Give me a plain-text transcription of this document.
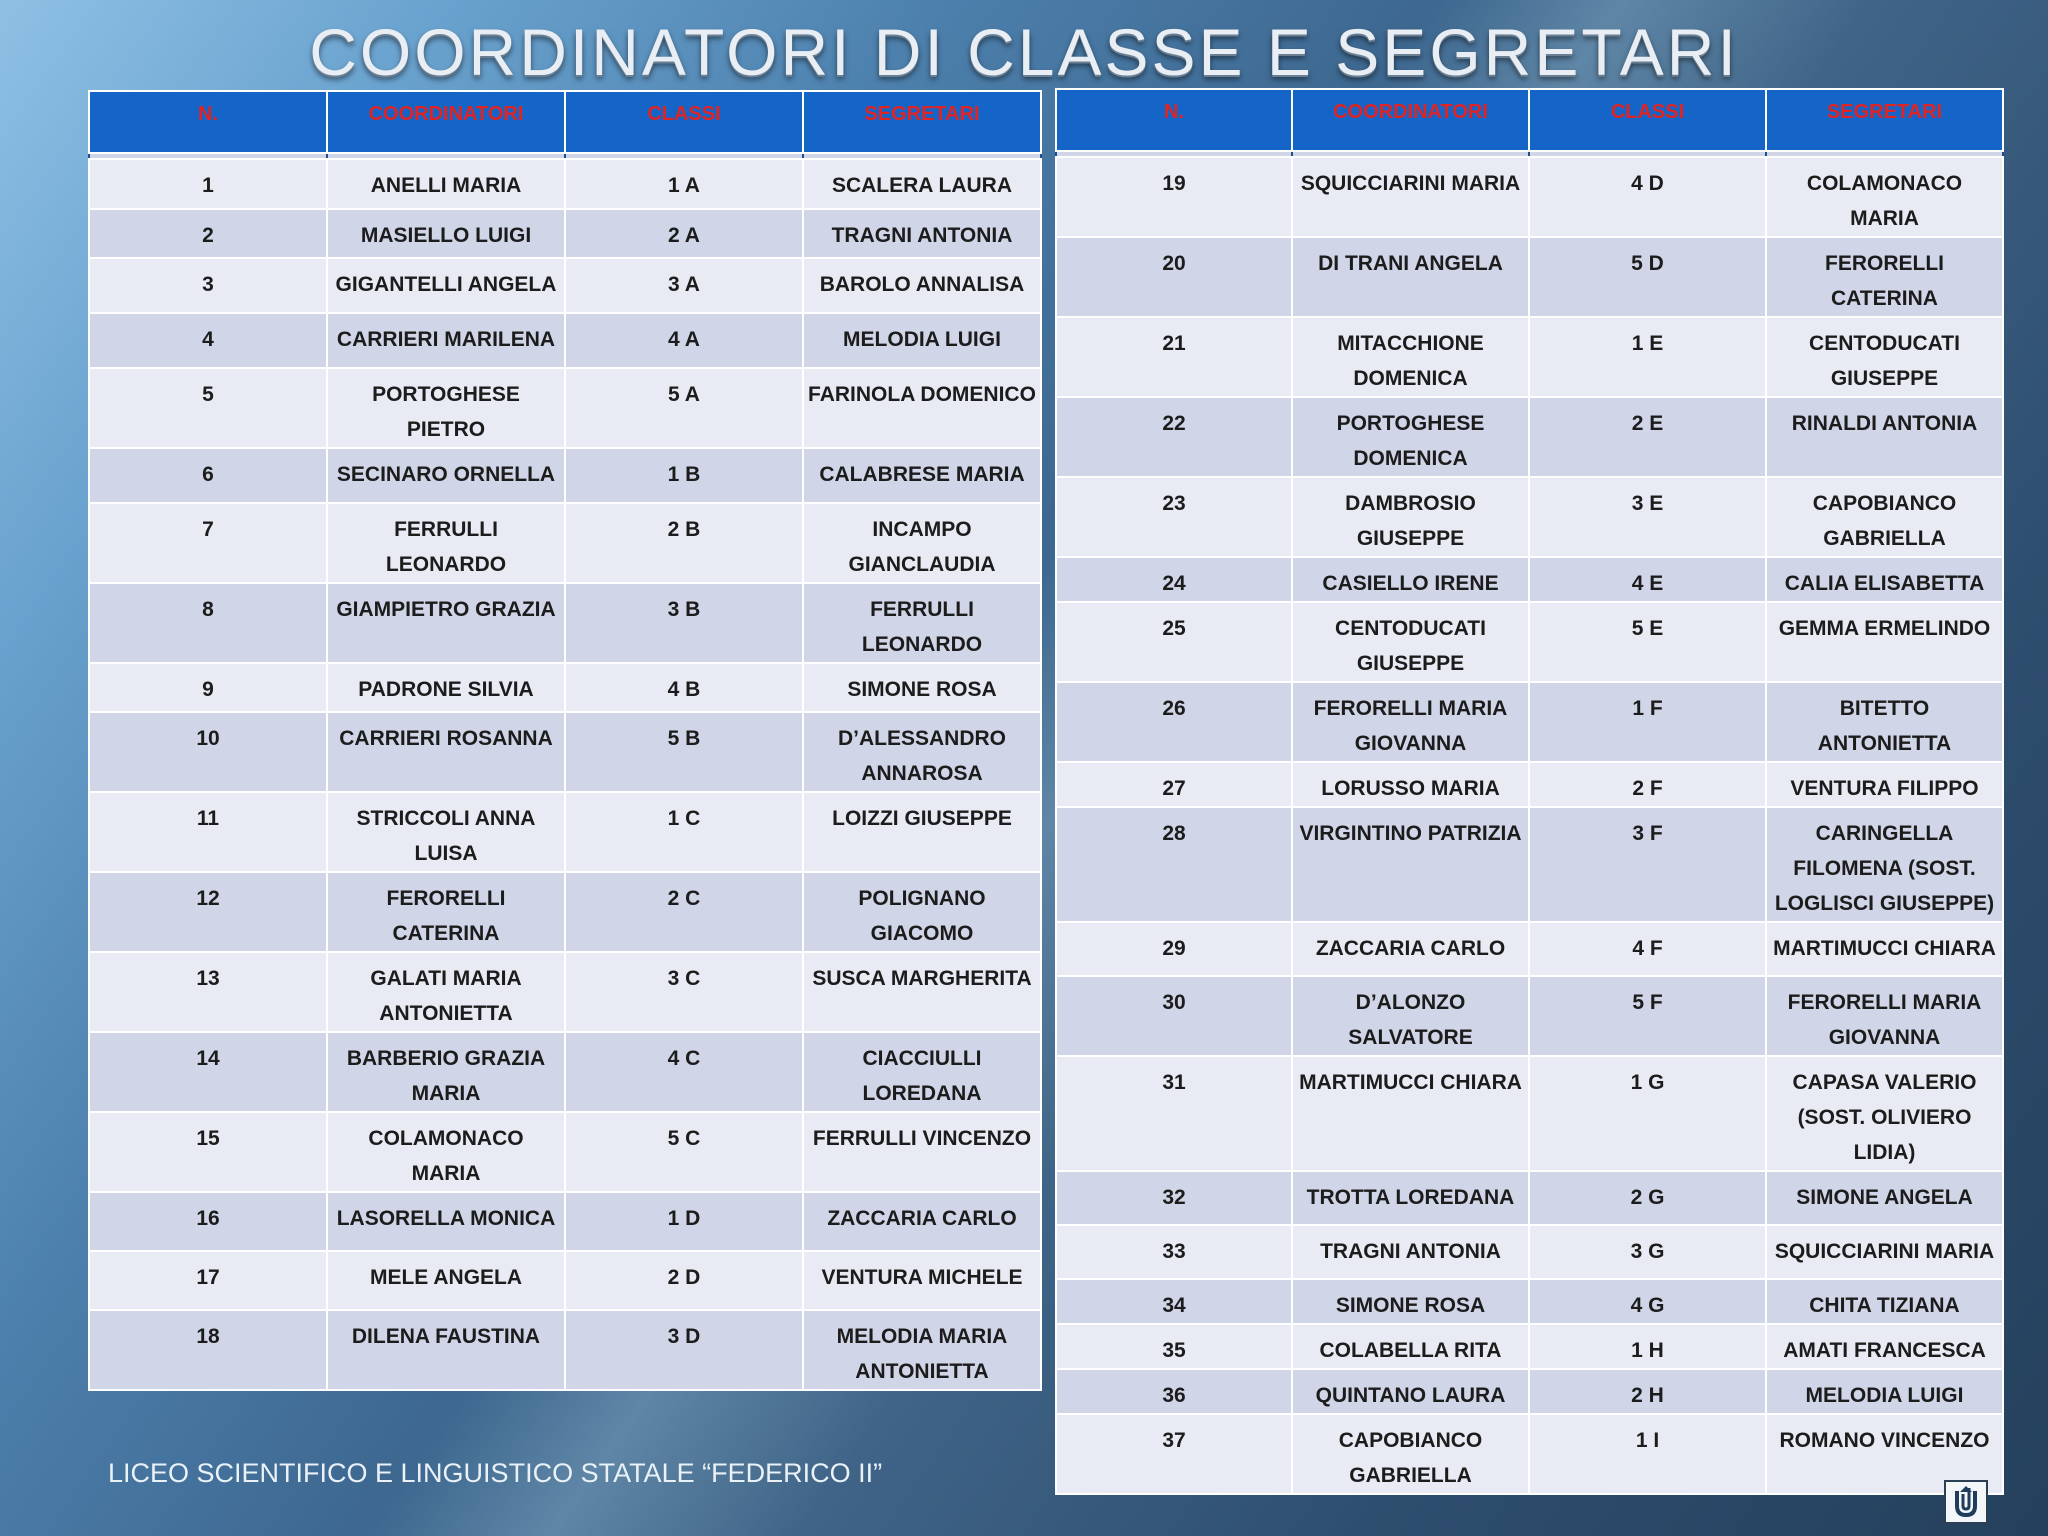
COORDINATORI DI CLASSE E SEGRETARI
N.	COORDINATORI	CLASSI	SEGRETARI

1	ANELLI MARIA	1 A	SCALERA LAURA
2	MASIELLO LUIGI	2 A	TRAGNI ANTONIA
3	GIGANTELLI ANGELA	3 A	BAROLO ANNALISA
4	CARRIERI MARILENA	4 A	MELODIA LUIGI
5	PORTOGHESE PIETRO	5 A	FARINOLA DOMENICO
6	SECINARO ORNELLA	1 B	CALABRESE MARIA
7	FERRULLI LEONARDO	2 B	INCAMPO GIANCLAUDIA
8	GIAMPIETRO GRAZIA	3 B	FERRULLI LEONARDO
9	PADRONE SILVIA	4 B	SIMONE ROSA
10	CARRIERI ROSANNA	5 B	D’ALESSANDRO ANNAROSA
11	STRICCOLI ANNA LUISA	1 C	LOIZZI GIUSEPPE
12	FERORELLI CATERINA	2 C	POLIGNANO GIACOMO
13	GALATI MARIA ANTONIETTA	3 C	SUSCA MARGHERITA
14	BARBERIO GRAZIA MARIA	4 C	CIACCIULLI LOREDANA
15	COLAMONACO MARIA	5 C	FERRULLI VINCENZO
16	LASORELLA MONICA	1 D	ZACCARIA CARLO
17	MELE ANGELA	2 D	VENTURA MICHELE
18	DILENA FAUSTINA	3 D	MELODIA MARIA ANTONIETTA
N.	COORDINATORI	CLASSI	SEGRETARI

19	SQUICCIARINI MARIA	4 D	COLAMONACO MARIA
20	DI TRANI ANGELA	5 D	FERORELLI CATERINA
21	MITACCHIONE DOMENICA	1 E	CENTODUCATI GIUSEPPE
22	PORTOGHESE DOMENICA	2 E	RINALDI ANTONIA
23	DAMBROSIO GIUSEPPE	3 E	CAPOBIANCO GABRIELLA
24	CASIELLO IRENE	4 E	CALIA ELISABETTA
25	CENTODUCATI GIUSEPPE	5 E	GEMMA ERMELINDO
26	FERORELLI MARIA GIOVANNA	1 F	BITETTO ANTONIETTA
27	LORUSSO MARIA	2 F	VENTURA FILIPPO
28	VIRGINTINO PATRIZIA	3 F	CARINGELLA FILOMENA (SOST. LOGLISCI GIUSEPPE)
29	ZACCARIA CARLO	4 F	MARTIMUCCI CHIARA
30	D’ALONZO SALVATORE	5 F	FERORELLI MARIA GIOVANNA
31	MARTIMUCCI CHIARA	1 G	CAPASA VALERIO (SOST. OLIVIERO LIDIA)
32	TROTTA LOREDANA	2 G	SIMONE ANGELA
33	TRAGNI ANTONIA	3 G	SQUICCIARINI MARIA
34	SIMONE ROSA	4 G	CHITA TIZIANA
35	COLABELLA RITA	1 H	AMATI FRANCESCA
36	QUINTANO LAURA	2 H	MELODIA LUIGI
37	CAPOBIANCO GABRIELLA	1 I	ROMANO VINCENZO
LICEO SCIENTIFICO E LINGUISTICO STATALE “FEDERICO II”
